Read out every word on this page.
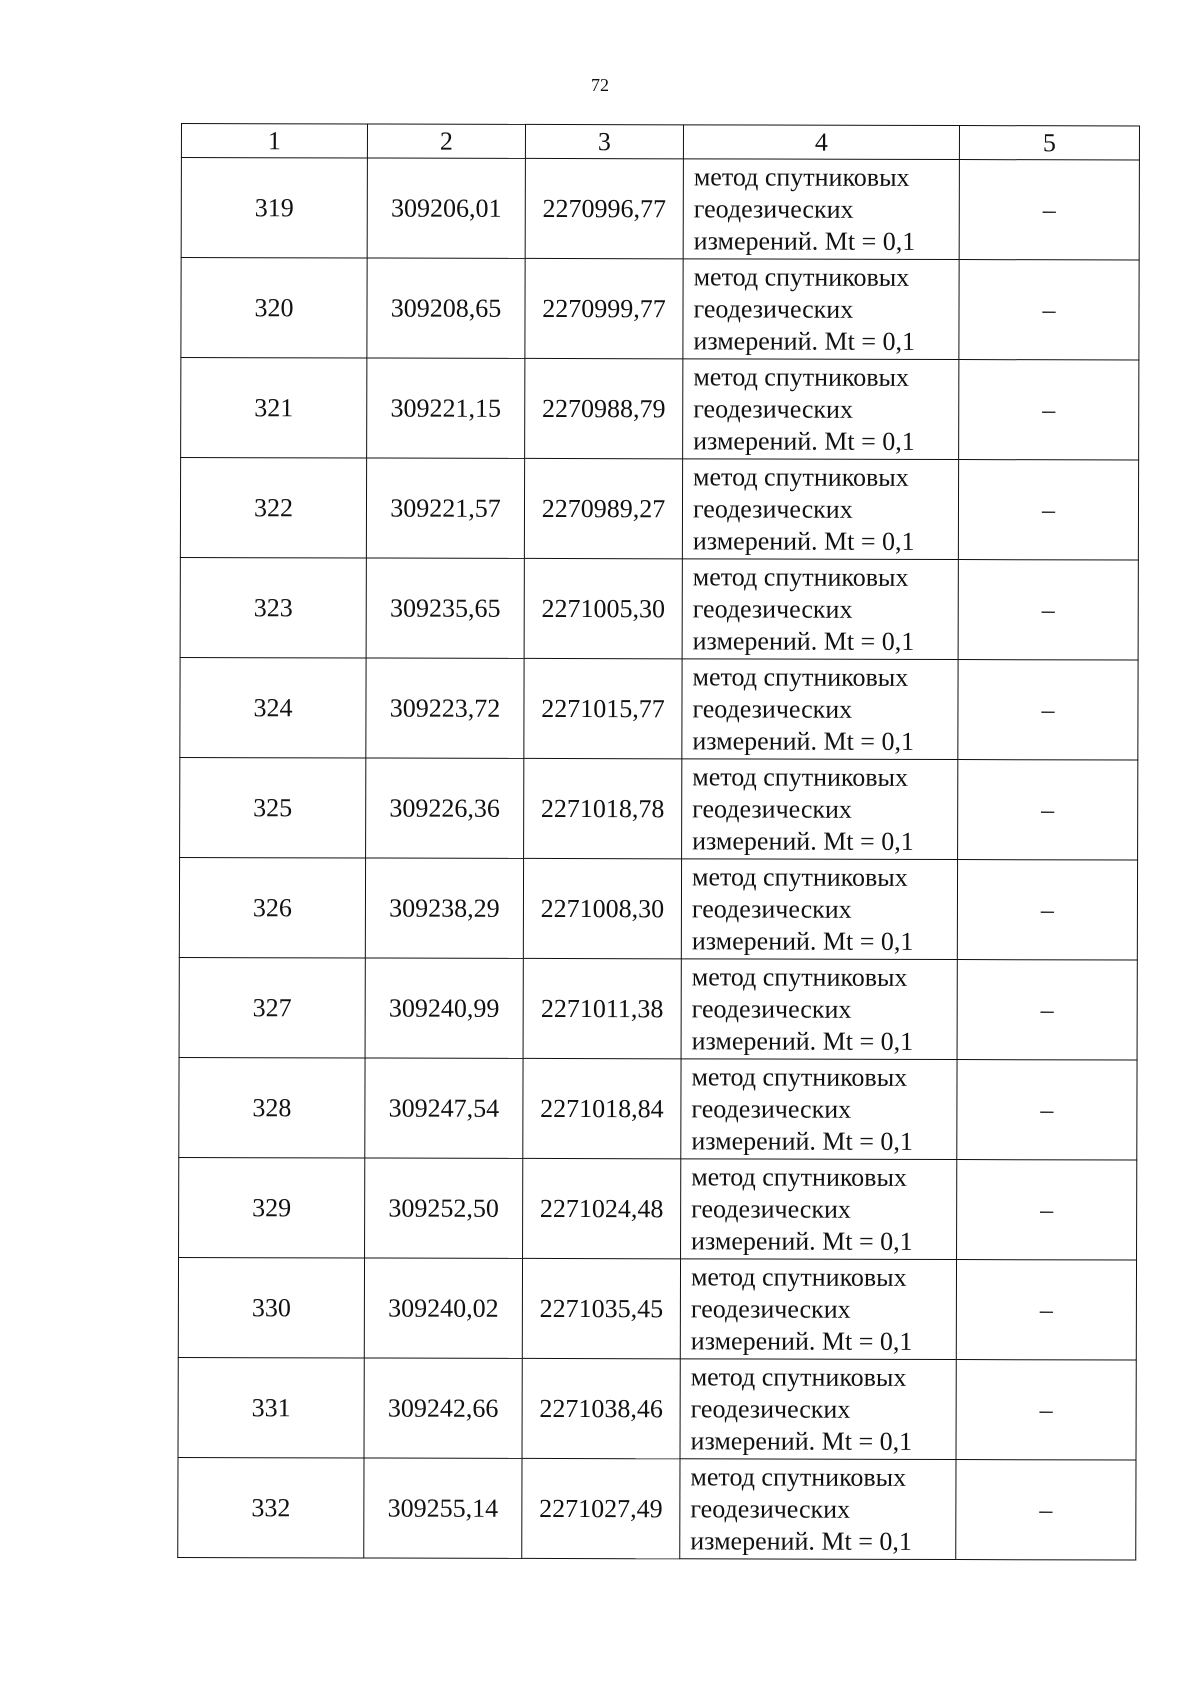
72
1	2	3	4	5
319	309206,01	2270996,77	метод спутниковых
геодезических
измерений. Mt = 0,1	–
320	309208,65	2270999,77	метод спутниковых
геодезических
измерений. Mt = 0,1	–
321	309221,15	2270988,79	метод спутниковых
геодезических
измерений. Mt = 0,1	–
322	309221,57	2270989,27	метод спутниковых
геодезических
измерений. Mt = 0,1	–
323	309235,65	2271005,30	метод спутниковых
геодезических
измерений. Mt = 0,1	–
324	309223,72	2271015,77	метод спутниковых
геодезических
измерений. Mt = 0,1	–
325	309226,36	2271018,78	метод спутниковых
геодезических
измерений. Mt = 0,1	–
326	309238,29	2271008,30	метод спутниковых
геодезических
измерений. Mt = 0,1	–
327	309240,99	2271011,38	метод спутниковых
геодезических
измерений. Mt = 0,1	–
328	309247,54	2271018,84	метод спутниковых
геодезических
измерений. Mt = 0,1	–
329	309252,50	2271024,48	метод спутниковых
геодезических
измерений. Mt = 0,1	–
330	309240,02	2271035,45	метод спутниковых
геодезических
измерений. Mt = 0,1	–
331	309242,66	2271038,46	метод спутниковых
геодезических
измерений. Mt = 0,1	–
332	309255,14	2271027,49	метод спутниковых
геодезических
измерений. Mt = 0,1	–
